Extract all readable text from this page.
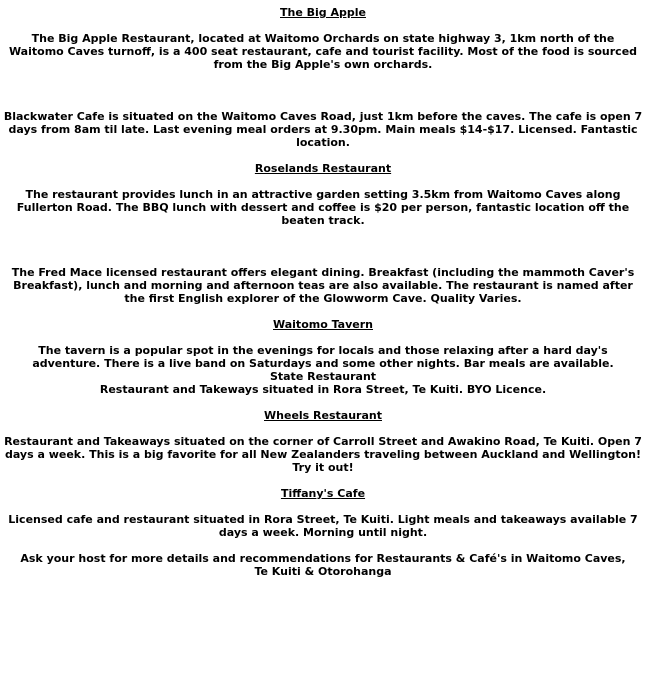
The Big Apple

The Big Apple Restaurant, located at Waitomo Orchards on state highway 3, 1km north of the Waitomo Caves turnoff, is a 400 seat restaurant, cafe and tourist facility. Most of the food is sourced from the Big Apple's own orchards.

Blackwater Cafe is situated on the Waitomo Caves Road, just 1km before the caves. The cafe is open 7 days from 8am til late. Last evening meal orders at 9.30pm. Main meals $14-$17. Licensed. Fantastic location.

Roselands Restaurant

The restaurant provides lunch in an attractive garden setting 3.5km from Waitomo Caves along Fullerton Road. The BBQ lunch with dessert and coffee is $20 per person, fantastic location off the beaten track.

The Fred Mace licensed restaurant offers elegant dining. Breakfast (including the mammoth Caver's Breakfast), lunch and morning and afternoon teas are also available. The restaurant is named after the first English explorer of the Glowworm Cave. Quality Varies.

Waitomo Tavern

The tavern is a popular spot in the evenings for locals and those relaxing after a hard day's adventure. There is a live band on Saturdays and some other nights. Bar meals are available.

State Restaurant

Restaurant and Takeways situated in Rora Street, Te Kuiti. BYO Licence.

Wheels Restaurant

Restaurant and Takeaways situated on the corner of Carroll Street and Awakino Road, Te Kuiti. Open 7 days a week. This is a big favorite for all New Zealanders traveling between Auckland and Wellington! Try it out!

Tiffany's Cafe

Licensed cafe and restaurant situated in Rora Street, Te Kuiti. Light meals and takeaways available 7 days a week. Morning until night.

Ask your host for more details and recommendations for Restaurants & Café's in Waitomo Caves,

Te Kuiti & Otorohanga
